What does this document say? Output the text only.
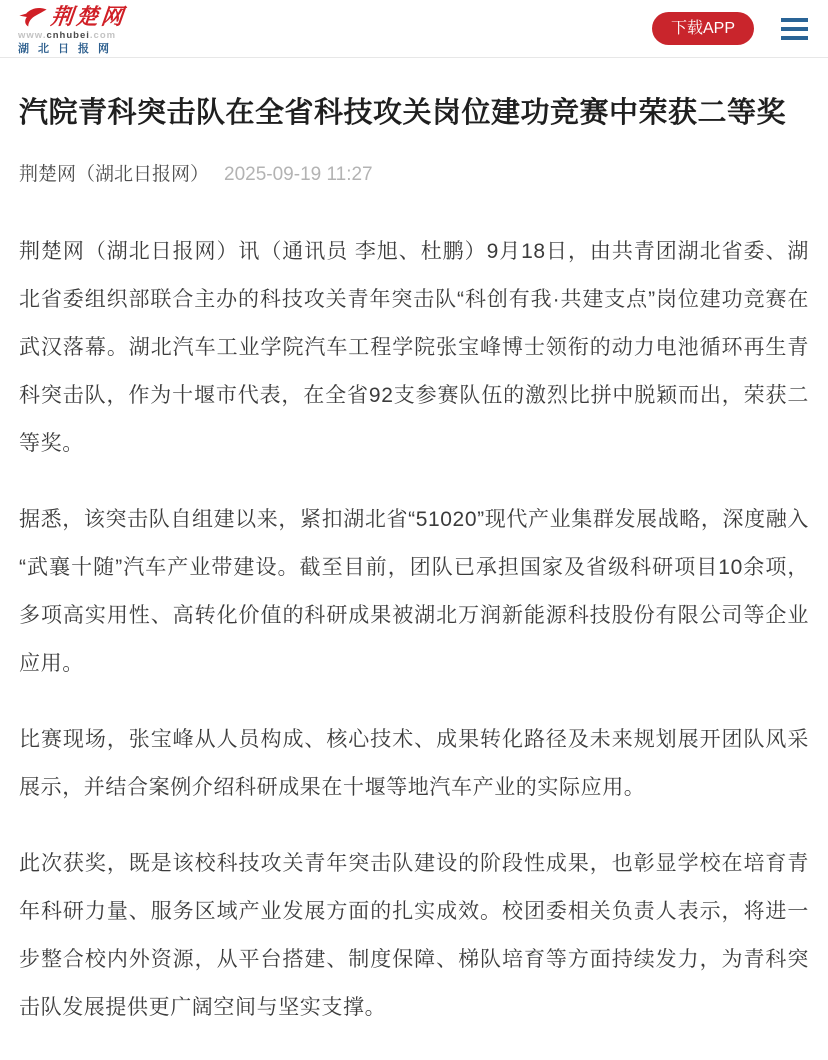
荆楚网
www.cnhubei.com
湖北日报网
下载APP
汽院青科突击队在全省科技攻关岗位建功竞赛中荣获二等奖
荆楚网（湖北日报网） 2025-09-19 11:27

荆楚网（湖北日报网）讯（通讯员 李旭、杜鹏）9月18日，由共青团湖北省委、湖北省委组织部联合主办的科技攻关青年突击队“科创有我·共建支点”岗位建功竞赛在武汉落幕。湖北汽车工业学院汽车工程学院张宝峰博士领衔的动力电池循环再生青科突击队，作为十堰市代表，在全省92支参赛队伍的激烈比拼中脱颖而出，荣获二等奖。

据悉，该突击队自组建以来，紧扣湖北省“51020”现代产业集群发展战略，深度融入“武襄十随”汽车产业带建设。截至目前，团队已承担国家及省级科研项目10余项，多项高实用性、高转化价值的科研成果被湖北万润新能源科技股份有限公司等企业应用。

比赛现场，张宝峰从人员构成、核心技术、成果转化路径及未来规划展开团队风采展示，并结合案例介绍科研成果在十堰等地汽车产业的实际应用。

此次获奖，既是该校科技攻关青年突击队建设的阶段性成果，也彰显学校在培育青年科研力量、服务区域产业发展方面的扎实成效。校团委相关负责人表示，将进一步整合校内外资源，从平台搭建、制度保障、梯队培育等方面持续发力，为青科突击队发展提供更广阔空间与坚实支撑。
